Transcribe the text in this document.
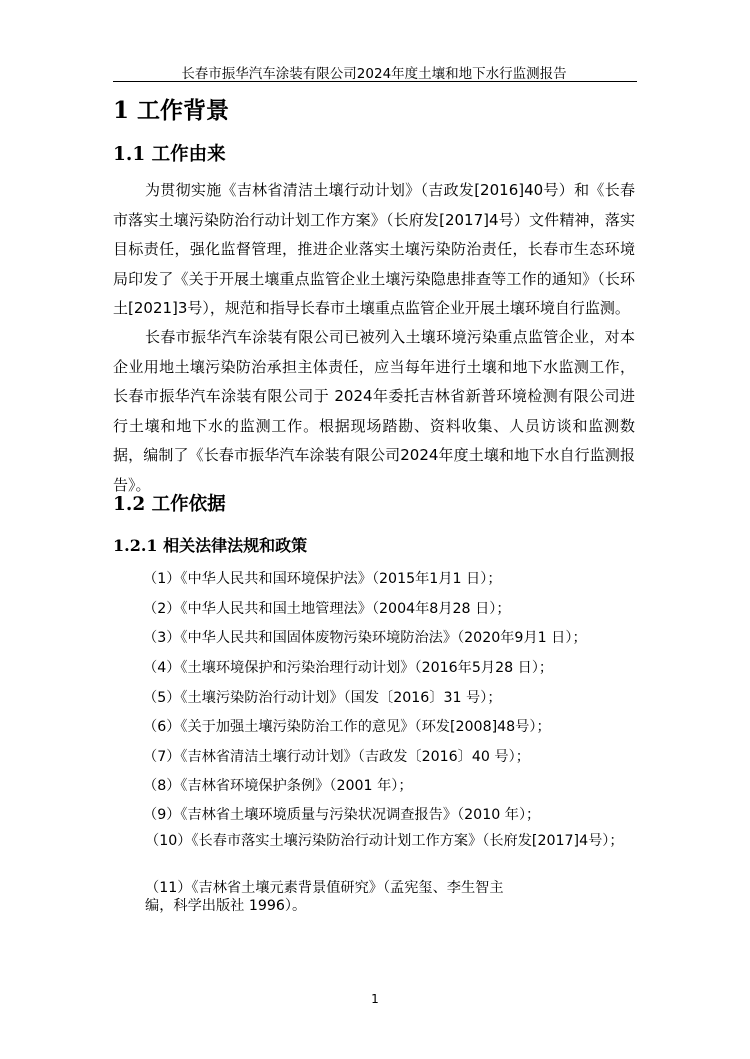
长春市振华汽车涂装有限公司2024年度土壤和地下水行监测报告
1 工作背景
1.1 工作由来

为贯彻实施《吉林省清洁土壤行动计划》（吉政发[2016]40号）和《长春市落实土壤污染防治行动计划工作方案》（长府发[2017]4号）文件精神，落实目标责任，强化监督管理，推进企业落实土壤污染防治责任，长春市生态环境局印发了《关于开展土壤重点监管企业土壤污染隐患排查等工作的通知》（长环土[2021]3号），规范和指导长春市土壤重点监管企业开展土壤环境自行监测。

长春市振华汽车涂装有限公司已被列入土壤环境污染重点监管企业，对本企业用地土壤污染防治承担主体责任，应当每年进行土壤和地下水监测工作，长春市振华汽车涂装有限公司于 2024年委托吉林省新普环境检测有限公司进行土壤和地下水的监测工作。根据现场踏勘、资料收集、人员访谈和监测数据，编制了《长春市振华汽车涂装有限公司2024年度土壤和地下水自行监测报告》。

1.2 工作依据
1.2.1 相关法律法规和政策
（1）《中华人民共和国环境保护法》（2015年1月1 日）；
（2）《中华人民共和国土地管理法》（2004年8月28 日）；
（3）《中华人民共和国固体废物污染环境防治法》（2020年9月1 日）；
（4）《土壤环境保护和污染治理行动计划》（2016年5月28 日）；
（5）《土壤污染防治行动计划》（国发〔2016〕31 号）；
（6）《关于加强土壤污染防治工作的意见》（环发[2008]48号）；
（7）《吉林省清洁土壤行动计划》（吉政发〔2016〕40 号）；
（8）《吉林省环境保护条例》（2001 年）；
（9）《吉林省土壤环境质量与污染状况调查报告》（2010 年）；
（10）《长春市落实土壤污染防治行动计划工作方案》（长府发[2017]4号）；
（11）《吉林省土壤元素背景值研究》（孟宪玺、李生智主编，科学出版社 1996）。
1
